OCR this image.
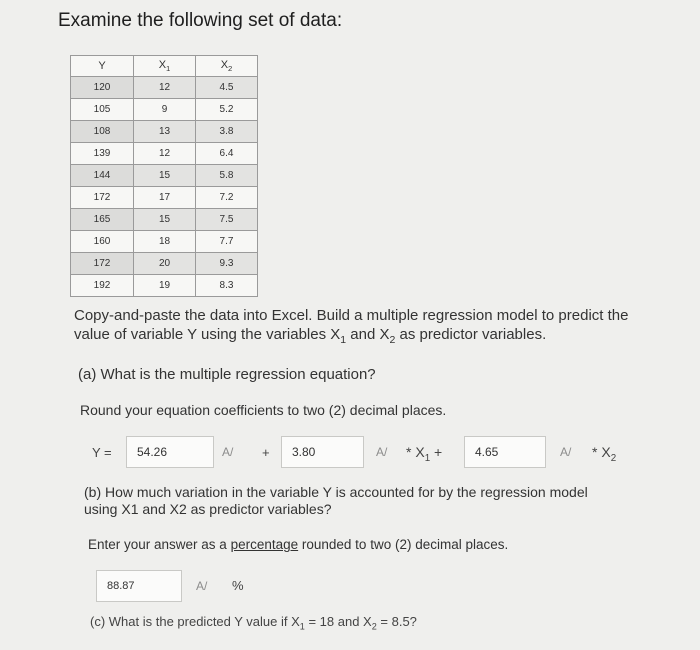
Examine the following set of data:
Y	$X_1$	$X_2$
120	12	4.5
105	9	5.2
108	13	3.8
139	12	6.4
144	15	5.8
172	17	7.2
165	15	7.5
160	18	7.7
172	20	9.3
192	19	8.3
Copy-and-paste the data into Excel. Build a multiple regression model to predict the
value of variable Y using the variables $X_1$ and $X_2$ as predictor variables.
(a) What is the multiple regression equation?
Round your equation coefficients to two (2) decimal places.
Y =	54.26	A/ +	3.80	$A/ * X_1$ +	4.65	$A/ * X_2$
(b) How much variation in the variable Y is accounted for by the regression model
using X1 and X2 as predictor variables?
Enter your answer as a percentage rounded to two (2) decimal places.
88.87	A/ %
(c) What is the predicted Y value if $X_1 = 18$ and $X_2 = 8.5$?
